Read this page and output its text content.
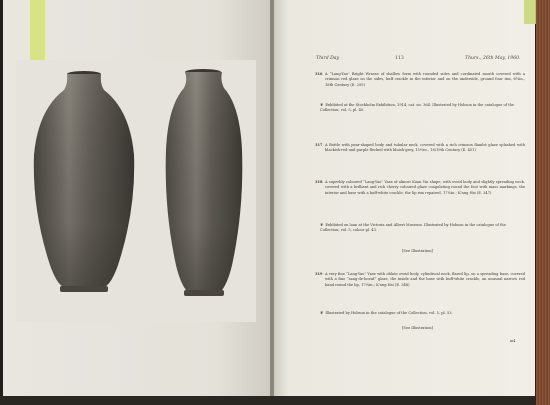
Third Day	113	Thurs., 26th May, 1960.
316 A “Lang-Yao” Bright Wrasse of shallow form with rounded sides and cordinated mouth covered with a crimson red glaze on the sides, buff crackle in the interior and on the underside, ground four rim, 6¾in., 18th Century (E. 295)
❦ Exhibited at the Stockholm Exhibition, 1914, cat. no. 364. Illustrated by Hobson in the catalogue of the Collection, vol. 5, pl. 40.
317 A Bottle with pear-shaped body and tubular neck, covered with a rich crimson flambé glaze splashed with blackish-red and purple flecked with bluish-grey, 15⅛in., 18/19th Century (E. 451)
318 A superbly coloured “Lang-Yao” Vase of almost Kuan Yin shape, with ovoid body and slightly spreading neck, covered with a brilliant and rich cherry coloured glaze coagulating round the foot with mass markings, the interior and base with a buff-white crackle, the lip rim repaired, 17⅛in.; K'ang Hsi (E. 347)
❦ Exhibited on loan at the Victoria and Albert Museum. Illustrated by Hobson in the catalogue of the Collection, vol. 5, colour pl. 43.
[See Illustration]
319 A very fine “Lang-Yao” Vase with oblate ovoid body, cylindrical neck, flared lip, on a spreading base, covered with a fine “sang-de-boeuf” glaze, the inside and the base with buff-white crackle, an unusual narrow red band round the lip, 17⅛in.; K'ang Hsi (E. 348)
❦ Illustrated by Hobson in the catalogue of the Collection, vol. 5, pl. 53.
[See Illustration]
m4
